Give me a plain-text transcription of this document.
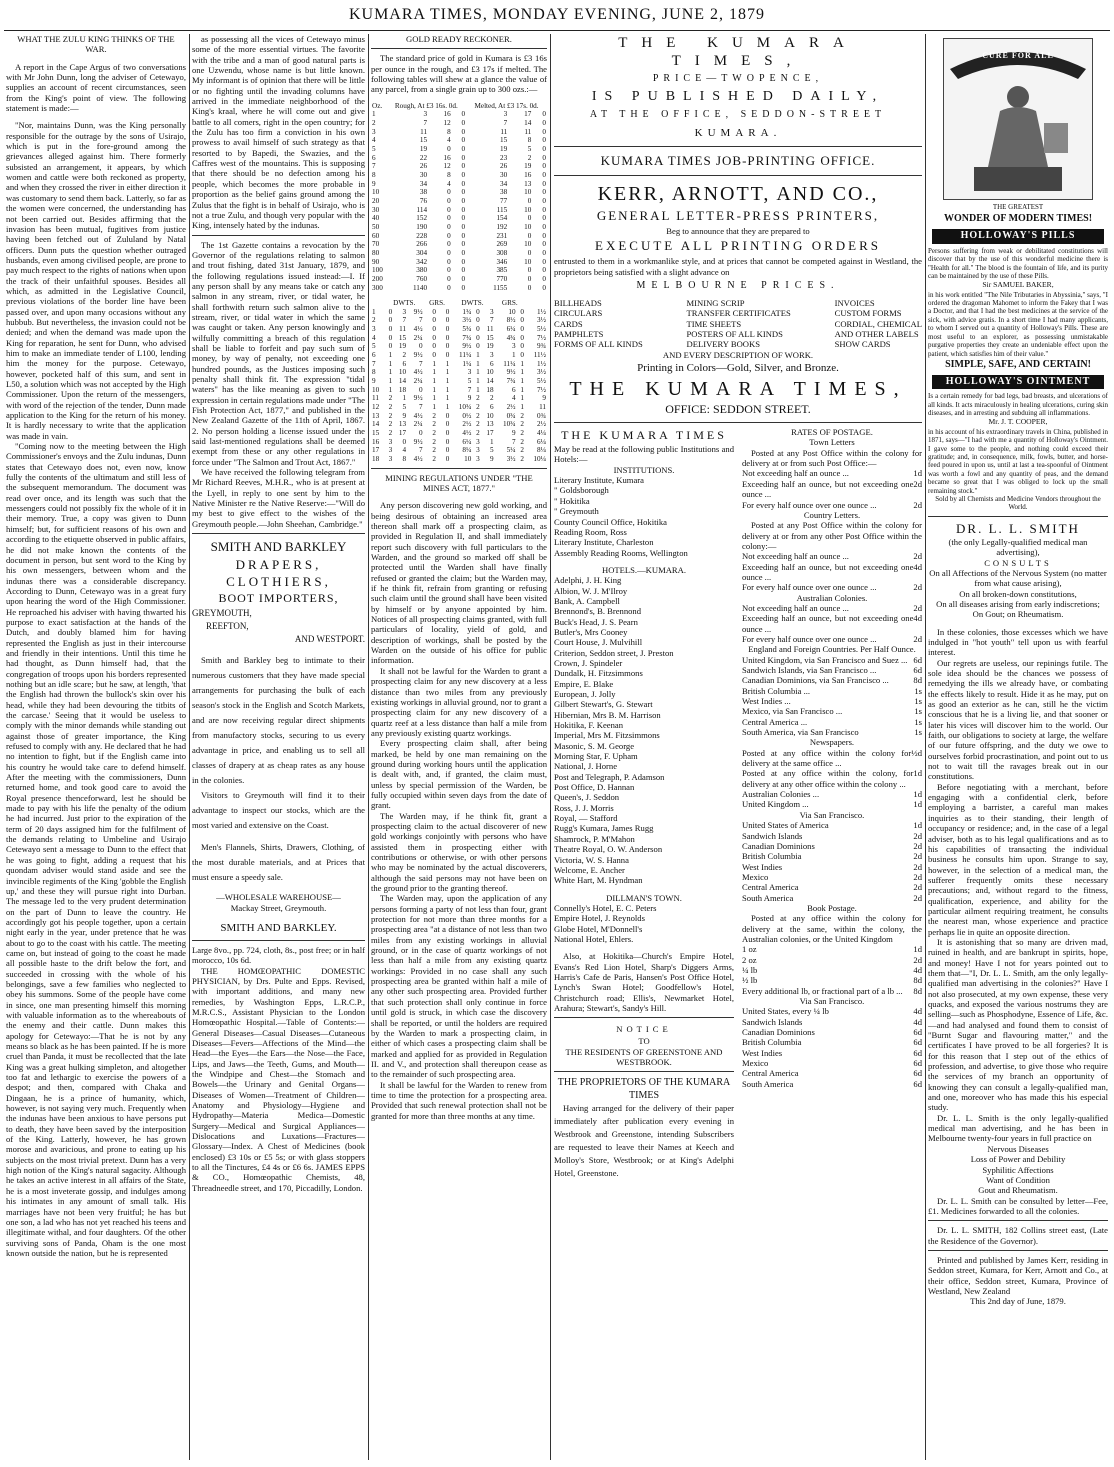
KUMARA TIMES, MONDAY EVENING, JUNE 2, 1879

WHAT THE ZULU KING THINKS OF THE WAR.

A report in the Cape Argus of two conversations with Mr John Dunn, long the adviser of Cetewayo, supplies an account of recent circumstances, seen from the King's point of view. The following statement is made:—

"Nor, maintains Dunn, was the King personally responsible for the outrage by the sons of Usirajo, which is put in the fore-ground among the grievances alleged against him. There formerly subsisted an arrangement, it appears, by which women and cattle were both reckoned as property, and when they crossed the river in either direction it was customary to send them back. Latterly, so far as the women were concerned, the understanding has not been carried out. Besides affirming that the invasion has been mutual, fugitives from justice having been fetched out of Zululand by Natal officers. Dunn puts the question whether outraged husbands, even among civilised people, are prone to pay much respect to the rights of nations when upon the track of their unfaithful spouses. Besides all which, as admitted in the Legislative Council, previous violations of the border line have been passed over, and upon many occasions without any hubbub. But nevertheless, the invasion could not be denied; and when the demand was made upon the King for reparation, he sent for Dunn, who advised him to make an immediate tender of L100, lending him the money for the purpose. Cetewayo, however, pocketed half of this sum, and sent in L50, a solution which was not accepted by the High Commissioner. Upon the return of the messengers, with word of the rejection of the tender, Dunn made application to the King for the return of his money. It is hardly necessary to write that the application was made in vain.

"Coming now to the meeting between the High Commissioner's envoys and the Zulu indunas, Dunn states that Cetewayo does not, even now, know fully the contents of the ultimatum and still less of the subsequent memorandum. The document was read over once, and its length was such that the messengers could not possibly fix the whole of it in their memory. True, a copy was given to Dunn himself; but, for sufficient reasons of his own and according to the etiquette observed in public affairs, he did not make known the contents of the document in person, but sent word to the King by his own messengers, between whom and the indunas there was a considerable discrepancy. According to Dunn, Cetewayo was in a great fury upon hearing the word of the High Commissioner. He reproached his adviser with having thwarted his purpose to exact satisfaction at the hands of the Dutch, and doubly blamed him for having represented the English as just in their intercourse and friendly in their intentions. Until this time he had thought, as Dunn himself had, that the congregation of troops upon his borders represented nothing but an idle scare; but he saw, at length, 'that the English had thrown the bullock's skin over his head, while they had been devouring the titbits of the carcase.' Seeing that it would be useless to comply with the minor demands while standing out against those of greater importance, the King refused to comply with any. He declared that he had no intention to fight, but if the English came into his country he would take care to defend himself. After the meeting with the commissioners, Dunn returned home, and took good care to avoid the Royal presence thenceforward, lest he should be made to pay with his life the penalty of the odium he had incurred. Just prior to the expiration of the term of 20 days assigned him for the fulfilment of the demands relating to Umbeline and Usirajo Cetewayo sent a message to Dunn to the effect that he was going to fight, adding a request that his quondam adviser would stand aside and see the invincible regiments of the King 'gobble the English up,' and these they will pursue right into Durban. The message led to the very prudent determination on the part of Dunn to leave the country. He accordingly got his people together, upon a certain night early in the year, under pretence that he was about to go to the coast with his cattle. The meeting came on, but instead of going to the coast he made all possible haste to the drift below the fort, and succeeded in crossing with the whole of his belongings, save a few families who neglected to obey his summons. Some of the people have come in since, one man presenting himself this morning with valuable information as to the whereabouts of the enemy and their cattle. Dunn makes this apology for Cetewayo:—That he is not by any means so black as he has been painted. If he is more cruel than Panda, it must be recollected that the late King was a great hulking simpleton, and altogether too fat and lethargic to exercise the powers of a despot; and then, compared with Chaka and Dingaan, he is a prince of humanity, which, however, is not saying very much. Frequently when the indunas have been anxious to have persons put to death, they have been saved by the interposition of the King. Latterly, however, he has grown morose and avaricious, and prone to eating up his subjects on the most trivial pretext. Dunn has a very high notion of the King's natural sagacity. Although he takes an active interest in all affairs of the State, he is a most inveterate gossip, and indulges among his intimates in any amount of small talk. His marriages have not been very fruitful; he has but one son, a lad who has not yet reached his teens and illegitimate withal, and four daughters. Of the other surviving sons of Panda, Oham is the one most known outside the nation, but he is represented

as possessing all the vices of Cetewayo minus some of the more essential virtues. The favorite with the tribe and a man of good natural parts is one Uzwendu, whose name is but little known. My informant is of opinion that there will be little or no fighting until the invading columns have arrived in the immediate neighborhood of the King's kraal, where he will come out and give battle to all comers, right in the open country; for the Zulu has too firm a conviction in his own prowess to avail himself of such strategy as that resorted to by Bapedi, the Swazies, and the Caffres west of the mountains. This is supposing that there should be no defection among his people, which becomes the more probable in proportion as the belief gains ground among the Zulus that the fight is in behalf of Usirajo, who is not a true Zulu, and though very popular with the King, intensely hated by the indunas.

The 1st Gazette contains a revocation by the Governor of the regulations relating to salmon and trout fishing, dated 31st January, 1879, and the following regulations issued instead:—I. If any person shall by any means take or catch any salmon in any stream, river, or tidal water, he shall forthwith return such salmon alive to the stream, river, or tidal water in which the same was caught or taken. Any person knowingly and wilfully committing a breach of this regulation shall be liable to forfeit and pay such sum of money, by way of penalty, not exceeding one hundred pounds, as the Justices imposing such penalty shall think fit. The expression "tidal waters" has the like meaning as given to such expression in certain regulations made under "The Fish Protection Act, 1877," and published in the New Zealand Gazette of the 11th of April, 1867. 2. No person holding a license issued under the said last-mentioned regulations shall be deemed exempt from these or any other regulations in force under "The Salmon and Trout Act, 1867."

We have received the following telegram from Mr Richard Reeves, M.H.R., who is at present at the Lyell, in reply to one sent by him to the Native Minister re the Native Reserve:—"Will do my best to give effect to the wishes of the Greymouth people.—John Sheehan, Cambridge."

SMITH AND BARKLEY

DRAPERS,

CLOTHIERS,

BOOT IMPORTERS,

GREYMOUTH,

REEFTON,

AND WESTPORT.

Smith and Barkley beg to intimate to their numerous customers that they have made special arrangements for purchasing the bulk of each season's stock in the English and Scotch Markets, and are now receiving regular direct shipments from manufactory stocks, securing to us every advantage in price, and enabling us to sell all classes of drapery at as cheap rates as any house in the colonies.

Visitors to Greymouth will find it to their advantage to inspect our stocks, which are the most varied and extensive on the Coast.

Men's Flannels, Shirts, Drawers, Clothing, of the most durable materials, and at Prices that must ensure a speedy sale.

—WHOLESALE WAREHOUSE—

Mackay Street, Greymouth.

SMITH AND BARKLEY.

Large 8vo., pp. 724, cloth, 8s., post free; or in half morocco, 10s 6d.

THE HOMŒOPATHIC DOMESTIC PHYSICIAN, by Drs. Pulte and Epps. Revised, with important additions, and many new remedies, by Washington Epps, L.R.C.P., M.R.C.S., Assistant Physician to the London Homœopathic Hospital.—Table of Contents:—General Diseases—Casual Diseases—Cutaneous Diseases—Fevers—Affections of the Mind—the Head—the Eyes—the Ears—the Nose—the Face, Lips, and Jaws—the Teeth, Gums, and Mouth—the Windpipe and Chest—the Stomach and Bowels—the Urinary and Genital Organs—Diseases of Women—Treatment of Children—Anatomy and Physiology—Hygiene and Hydropathy—Materia Medica—Domestic Surgery—Medical and Surgical Appliances—Dislocations and Luxations—Fractures—Glossary—Index. A Chest of Medicines (book enclosed) £3 10s or £5 5s; or with glass stoppers to all the Tinctures, £4 4s or £6 6s. JAMES EPPS & CO., Homœopathic Chemists, 48, Threadneedle street, and 170, Piccadilly, London.

GOLD READY RECKONER.

The standard price of gold in Kumara is £3 16s per ounce in the rough, and £3 17s if melted. The following tables will shew at a glance the value of any parcel, from a single grain up to 300 ozs.:—

Oz.	Rough, At £3 16s. 0d.			Melted, At £3 17s. 0d.		
1	3	16	0	3	17	0
2	7	12	0	7	14	0
3	11	8	0	11	11	0
4	15	4	0	15	8	0
5	19	0	0	19	5	0
6	22	16	0	23	2	0
7	26	12	0	26	19	0
8	30	8	0	30	16	0
9	34	4	0	34	13	0
10	38	0	0	38	10	0
20	76	0	0	77	0	0
30	114	0	0	115	10	0
40	152	0	0	154	0	0
50	190	0	0	192	10	0
60	228	0	0	231	0	0
70	266	0	0	269	10	0
80	304	0	0	308	0	0
90	342	0	0	346	10	0
100	380	0	0	385	0	0
200	760	0	0	770	0	0
300	1140	0	0	1155	0	0
	DWTS.			GRS.		DWTS.			GRS.		
1	0	3	9½	0	0	1¾	0	3	10	0	1½
2	0	7	7	0	0	3½	0	7	8½	0	3½
3	0	11	4½	0	0	5¾	0	11	6¼	0	5½
4	0	15	2¼	0	0	7¾	0	15	4¾	0	7½
5	0	19	0	0	0	9½	0	19	3	0	9¾
6	1	2	9½	0	0	11¼	1	3	1	0	11½
7	1	6	7	1	1	1¼	1	6	11¼	1	1½
8	1	10	4½	1	1	3	1	10	9½	1	3½
9	1	14	2¼	1	1	5	1	14	7¾	1	5½
10	1	18	0	1	1	7	1	18	6	1	7½
11	2	1	9½	1	1	9	2	2	4	1	9
12	2	5	7	1	1	10¾	2	6	2½	1	11
13	2	9	4½	2	0	0½	2	10	0¾	2	0¾
14	2	13	2¼	2	0	2½	2	13	10¾	2	2½
15	2	17	0	2	0	4½	2	17	9	2	4¼
16	3	0	9½	2	0	6¼	3	1	7	2	6¼
17	3	4	7	2	0	8¼	3	5	5¼	2	8¼
18	3	8	4½	2	0	10	3	9	3½	2	10¼

MINING REGULATIONS UNDER "THE MINES ACT, 1877."

Any person discovering new gold working, and being desirous of obtaining an increased area thereon shall mark off a prospecting claim, as provided in Regulation II, and shall immediately report such discovery with full particulars to the Warden, and the ground so marked off shall be protected until the Warden shall have finally refused or granted the claim; but the Warden may, if he think fit, refrain from granting or refusing such claim until the ground shall have been visited by himself or by anyone appointed by him. Notices of all prospecting claims granted, with full particulars of locality, yield of gold, and description of workings, shall be posted by the Warden on the outside of his office for public information.

It shall not be lawful for the Warden to grant a prospecting claim for any new discovery at a less distance than two miles from any previously existing workings in alluvial ground, nor to grant a prospecting claim for any new discovery of a quartz reef at a less distance than half a mile from any previously existing quartz workings.

Every prospecting claim shall, after being marked, be held by one man remaining on the ground during working hours until the application is dealt with, and, if granted, the claim must, unless by special permission of the Warden, be fully occupied within seven days from the date of grant.

The Warden may, if he think fit, grant a prospecting claim to the actual discoverer of new gold workings conjointly with persons who have assisted them in prospecting either with contributions or otherwise, or with other persons who may be nominated by the actual discoverers, although the said persons may not have been on the ground prior to the granting thereof.

The Warden may, upon the application of any persons forming a party of not less than four, grant protection for not more than three months for a prospecting area "at a distance of not less than two miles from any existing workings in alluvial ground, or in the case of quartz workings of not less than half a mile from any existing quartz workings: Provided in no case shall any such prospecting area be granted within half a mile of any other such prospecting area. Provided further that such protection shall only continue in force until gold is struck, in which case the discovery shall be reported, or until the holders are required by the Warden to mark a prospecting claim, in either of which cases a prospecting claim shall be marked and applied for as provided in Regulation II. and V., and protection shall thereupon cease as to the remainder of such prospecting area.

It shall be lawful for the Warden to renew from time to time the protection for a prospecting area. Provided that such renewal protection shall not be granted for more than three months at any time.

THE KUMARA TIMES,

PRICE—TWOPENCE,

IS PUBLISHED DAILY,

AT THE OFFICE, SEDDON-STREET

KUMARA.

KUMARA TIMES JOB-PRINTING OFFICE.

KERR, ARNOTT, AND CO.,

GENERAL LETTER-PRESS PRINTERS,

Beg to announce that they are prepared to

EXECUTE ALL PRINTING ORDERS

entrusted to them in a workmanlike style, and at prices that cannot be competed against in Westland, the proprietors being satisfied with a slight advance on

MELBOURNE PRICES.

BILLHEADS

CIRCULARS

CARDS

PAMPHLETS

FORMS OF ALL KINDS

MINING SCRIP

TRANSFER CERTIFICATES

TIME SHEETS

POSTERS OF ALL KINDS

DELIVERY BOOKS

INVOICES

CUSTOM FORMS

CORDIAL, CHEMICAL

AND OTHER LABELS

SHOW CARDS

AND EVERY DESCRIPTION OF WORK.

Printing in Colors—Gold, Silver, and Bronze.

THE KUMARA TIMES,

OFFICE: SEDDON STREET.

THE KUMARA TIMES

May be read at the following public Institutions and Hotels:—

INSTITUTIONS.

Literary Institute, Kumara

" Goldsborough

" Hokitika

" Greymouth

County Council Office, Hokitika

Reading Room, Ross

Literary Institute, Charleston

Assembly Reading Rooms, Wellington

HOTELS.—KUMARA.

Adelphi, J. H. King

Albion, W. J. M'Ilroy

Bank, A. Campbell

Brennond's, B. Brennond

Buck's Head, J. S. Pearn

Butler's, Mrs Cooney

Court House, J. Mulvihill

Criterion, Seddon street, J. Preston

Crown, J. Spindeler

Dundalk, H. Fitzsimmons

Empire, E. Blake

European, J. Jolly

Gilbert Stewart's, G. Stewart

Hibernian, Mrs B. M. Harrison

Hokitika, F. Keenan

Imperial, Mrs M. Fitzsimmons

Masonic, S. M. George

Morning Star, F. Upham

National, J. Horne

Post and Telegraph, P. Adamson

Post Office, D. Hannan

Queen's, J. Seddon

Ross, J. J. Morris

Royal, — Stafford

Rugg's Kumara, James Rugg

Shamrock, P. M'Mahon

Theatre Royal, O. W. Anderson

Victoria, W. S. Hanna

Welcome, E. Ancher

White Hart, M. Hyndman

DILLMAN'S TOWN.

Connelly's Hotel, E. C. Peters

Empire Hotel, J. Reynolds

Globe Hotel, M'Donnell's

National Hotel, Ehlers.

Also, at Hokitika—Church's Empire Hotel, Evans's Red Lion Hotel, Sharp's Diggers Arms, Harris's Cafe de Paris, Hansen's Post Office Hotel, Lynch's Swan Hotel; Goodfellow's Hotel, Christchurch road; Ellis's, Newmarket Hotel, Arahura; Stewart's, Sandy's Hill.

NOTICE

TO

THE RESIDENTS OF GREENSTONE AND WESTBROOK.

THE PROPRIETORS OF THE KUMARA TIMES

Having arranged for the delivery of their paper immediately after publication every evening in Westbrook and Greenstone, intending Subscribers are requested to leave their Names at Keech and Molloy's Store, Westbrook; or at King's Adelphi Hotel, Greenstone.

RATES OF POSTAGE.

Town Letters

Posted at any Post Office within the colony for delivery at or from such Post Office:—

Not exceeding half an ounce ...	1d
Exceeding half an ounce, but not exceeding one ounce ...
2d
For every half ounce over one ounce ...	2d

Country Letters.

Posted at any Post Office within the colony for delivery at or from any other Post Office within the colony:—

Not exceeding half an ounce ...	2d
Exceeding half an ounce, but not exceeding one ounce ...
4d
For every half ounce over one ounce ...	2d

Australian Colonies.

Not exceeding half an ounce ...	2d
Exceeding half an ounce, but not exceeding one ounce ...
4d
For every half ounce over one ounce ...	2d

England and Foreign Countries. Per Half Ounce.

United Kingdom, via San Francisco and Suez ... 6d
Sandwich Islands, via San Francisco ...	6d
Canadian Dominions, via San Francisco ...	8d
British Columbia ...	1s
West Indies ...	1s
Mexico, via San Francisco ...	1s
Central America ...	1s
South America, via San Francisco	1s

Newspapers.

Posted at any office within the colony for delivery at the same office ...
½d
Posted at any office within the colony, for delivery at any other office within the colony ...
1d
Australian Colonies ...	1d
United Kingdom ...	1d

Via San Francisco.

United States of America	1d
Sandwich Islands	2d
Canadian Dominions	2d
British Columbia	2d
West Indies	2d
Mexico	2d
Central America	2d
South America	2d

Book Postage.

Posted at any office within the colony for delivery at the same, within the colony, the Australian colonies, or the United Kingdom

1 oz	1d
2 oz	2d
¼ lb	4d
½ lb	8d
Every additional lb, or fractional part of a lb ... 8d

Via San Francisco.

United States, every ¼ lb	4d
Sandwich Islands	4d
Canadian Dominions	6d
British Columbia	6d
West Indies	6d
Mexico	6d
Central America	6d
South America	6d
CURE FOR ALL

THE GREATEST

WONDER OF MODERN TIMES!

HOLLOWAY'S PILLS

Persons suffering from weak or debilitated constitutions will discover that by the use of this wonderful medicine there is "Health for all." The blood is the fountain of life, and its purity can be maintained by the use of these Pills.

Sir SAMUEL BAKER,

in his work entitled "The Nile Tributaries in Abyssinia," says, "I ordered the dragoman Mahomet to inform the Fakey that I was a Doctor, and that I had the best medicines at the service of the sick, with advice gratis. In a short time I had many applicants, to whom I served out a quantity of Holloway's Pills. These are most useful to an explorer, as possessing unmistakable purgative properties they create an undeniable effect upon the patient, which satisfies him of their value."

SIMPLE, SAFE, AND CERTAIN!

HOLLOWAY'S OINTMENT

Is a certain remedy for bad legs, bad breasts, and ulcerations of all kinds. It acts miraculously in healing ulcerations, curing skin diseases, and in arresting and subduing all inflammations.

Mr. J. T. COOPER,

in his account of his extraordinary travels in China, published in 1871, says—"I had with me a quantity of Holloway's Ointment. I gave some to the people, and nothing could exceed their gratitude; and, in consequence, milk, fowls, butter, and horse-feed poured in upon us, until at last a tea-spoonful of Ointment was worth a fowl and any quantity of peas, and the demand became so great that I was obliged to lock up the small remaining stock."

Sold by all Chemists and Medicine Vendors throughout the World.

DR. L. L. SMITH

(the only Legally-qualified medical man advertising),

CONSULTS

On all Affections of the Nervous System (no matter from what cause arising),

On all broken-down constitutions,

On all diseases arising from early indiscretions;

On Gout; on Rheumatism.

In these colonies, those excesses which we have indulged in "hot youth" tell upon us with fearful interest.

Our regrets are useless, our repinings futile. The sole idea should be the chances we possess of remedying the ills we already have, or combating the effects likely to result. Hide it as he may, put on as good an exterior as he can, still he the victim conscious that he is a living lie, and that sooner or later his vices will discover him to the world. Our faith, our obligations to society at large, the welfare of our future offspring, and the duty we owe to ourselves forbid procrastination, and point out to us not to wait till the ravages break out in our constitutions.

Before negotiating with a merchant, before engaging with a confidential clerk, before employing a barrister, a careful man makes inquiries as to their standing, their length of occupancy or residence; and, in the case of a legal adviser, both as to his legal qualifications and as to his capabilities of transacting the individual business he consults him upon. Strange to say, however, in the selection of a medical man, the sufferer frequently omits these necessary precautions; and, without regard to the fitness, qualification, experience, and ability for the particular ailment requiring treatment, he consults the nearest man, whose experience and practice perhaps lie in quite an opposite direction.

It is astonishing that so many are driven mad, ruined in health, and are bankrupt in spirits, hope, and money! Have I not for years pointed out to them that—"I, Dr. L. L. Smith, am the only legally-qualified man advertising in the colonies?" Have I not also prosecuted, at my own expense, these very quacks, and exposed the various nostrums they are selling—such as Phosphodyne, Essence of Life, &c.—and had analysed and found them to consist of "Burnt Sugar and flavouring matter," and the certificates I have proved to be all forgeries? It is for this reason that I step out of the ethics of profession, and advertise, to give those who require the services of my branch an opportunity of knowing they can consult a legally-qualified man, and one, moreover who has made this his especial study.

Dr. L. L. Smith is the only legally-qualified medical man advertising, and he has been in Melbourne twenty-four years in full practice on

Nervous Diseases

Loss of Power and Debility

Syphilitic Affections

Want of Condition

Gout and Rheumatism.

Dr. L. L. Smith can be consulted by letter—Fee, £1. Medicines forwarded to all the colonies.

Dr. L. L. SMITH, 182 Collins street east, (Late the Residence of the Governor).

Printed and published by James Kerr, residing in Seddon street, Kumara, for Kerr, Arnott and Co., at their office, Seddon street, Kumara, Province of Westland, New Zealand

This 2nd day of June, 1879.
